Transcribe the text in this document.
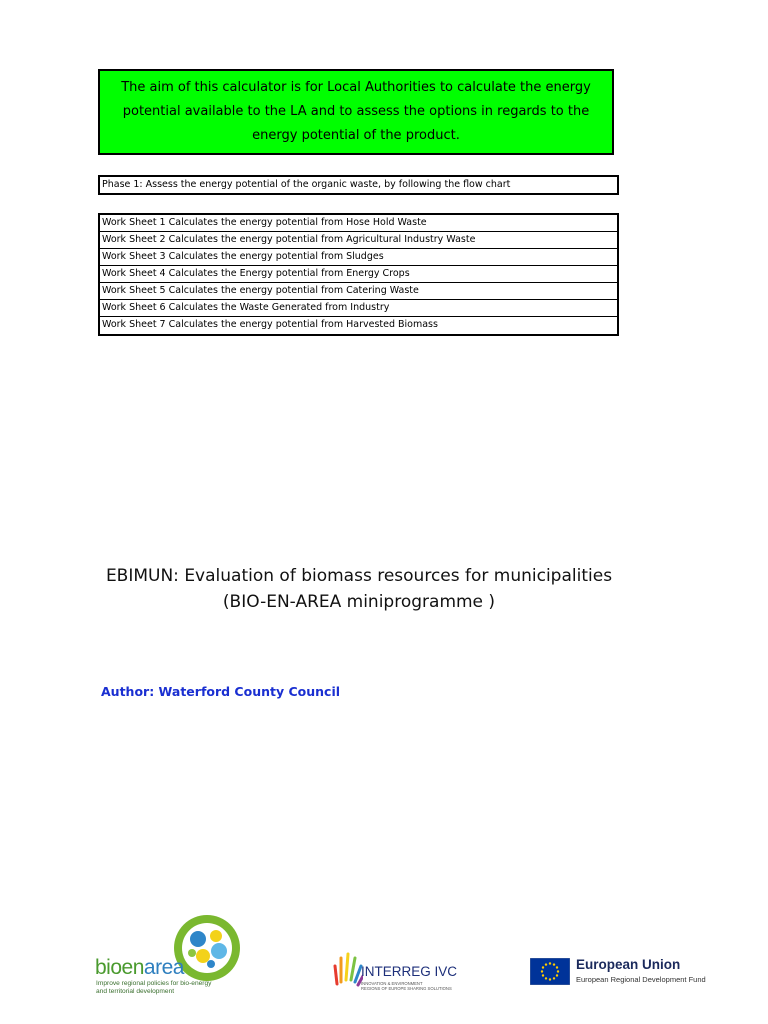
The aim of this calculator is for Local Authorities to calculate the energy potential available to the LA and to assess the options in regards to the energy potential of the product.
Phase 1: Assess the energy potential of the organic waste, by following the flow chart
Work Sheet 1 Calculates the energy potential from Hose Hold Waste
Work Sheet 2 Calculates the energy potential from Agricultural Industry Waste
Work Sheet 3 Calculates the energy potential from Sludges
Work Sheet 4 Calculates the Energy potential from Energy Crops
Work Sheet 5 Calculates the energy potential from Catering Waste
Work Sheet 6 Calculates the Waste Generated from Industry
Work Sheet 7 Calculates the energy potential from Harvested Biomass
EBIMUN: Evaluation of biomass resources for municipalities
(BIO-EN-AREA miniprogramme )
Author: Waterford County Council
bioenarea
Improve regional policies for bio-energy
and territorial development
INTERREG IVC
INNOVATION & ENVIRONMENT
REGIONS OF EUROPE SHARING SOLUTIONS
European Union
European Regional Development Fund
